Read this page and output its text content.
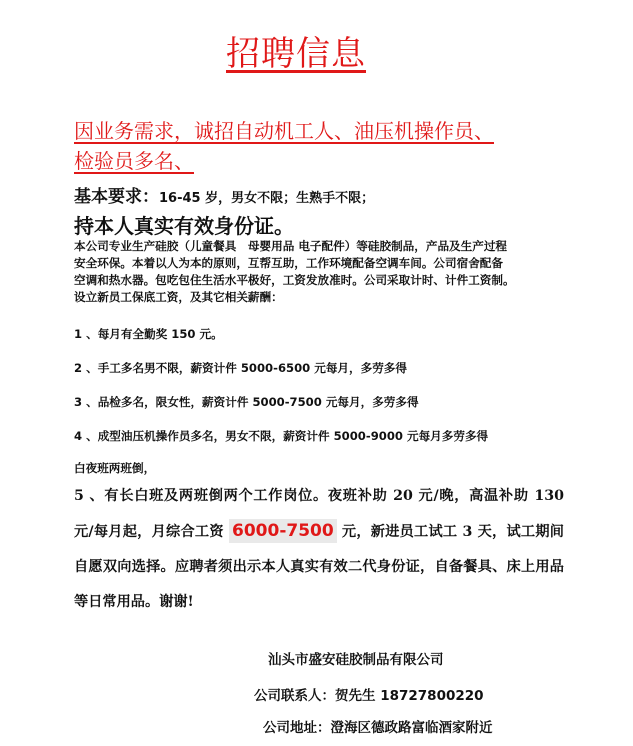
招聘信息
因业务需求，诚招自动机工人、油压机操作员、
检验员多名、
基本要求：16-45 岁，男女不限；生熟手不限；
持本人真实有效身份证。
本公司专业生产硅胶（儿童餐具　母婴用品 电子配件）等硅胶制品，产品及生产过程
安全环保。本着以人为本的原则，互帮互助，工作环境配备空调车间。公司宿舍配备
空调和热水器。包吃包住生活水平极好，工资发放准时。公司采取计时、计件工资制。
设立新员工保底工资，及其它相关薪酬：
1 、每月有全勤奖 150 元。
2 、手工多名男不限，薪资计件 5000-6500 元每月，多劳多得
3 、品检多名，限女性，薪资计件 5000-7500 元每月，多劳多得
4 、成型油压机操作员多名，男女不限，薪资计件 5000-9000 元每月多劳多得
白夜班两班倒，
5 、有长白班及两班倒两个工作岗位。夜班补助 20 元/晚，高温补助 130 元/每月起，月综合工资 6000-7500 元，新进员工试工 3 天，试工期间自愿双向选择。应聘者须出示本人真实有效二代身份证，自备餐具、床上用品等日常用品。谢谢!
汕头市盛安硅胶制品有限公司
公司联系人：贺先生 18727800220
公司地址：澄海区德政路富临酒家附近
